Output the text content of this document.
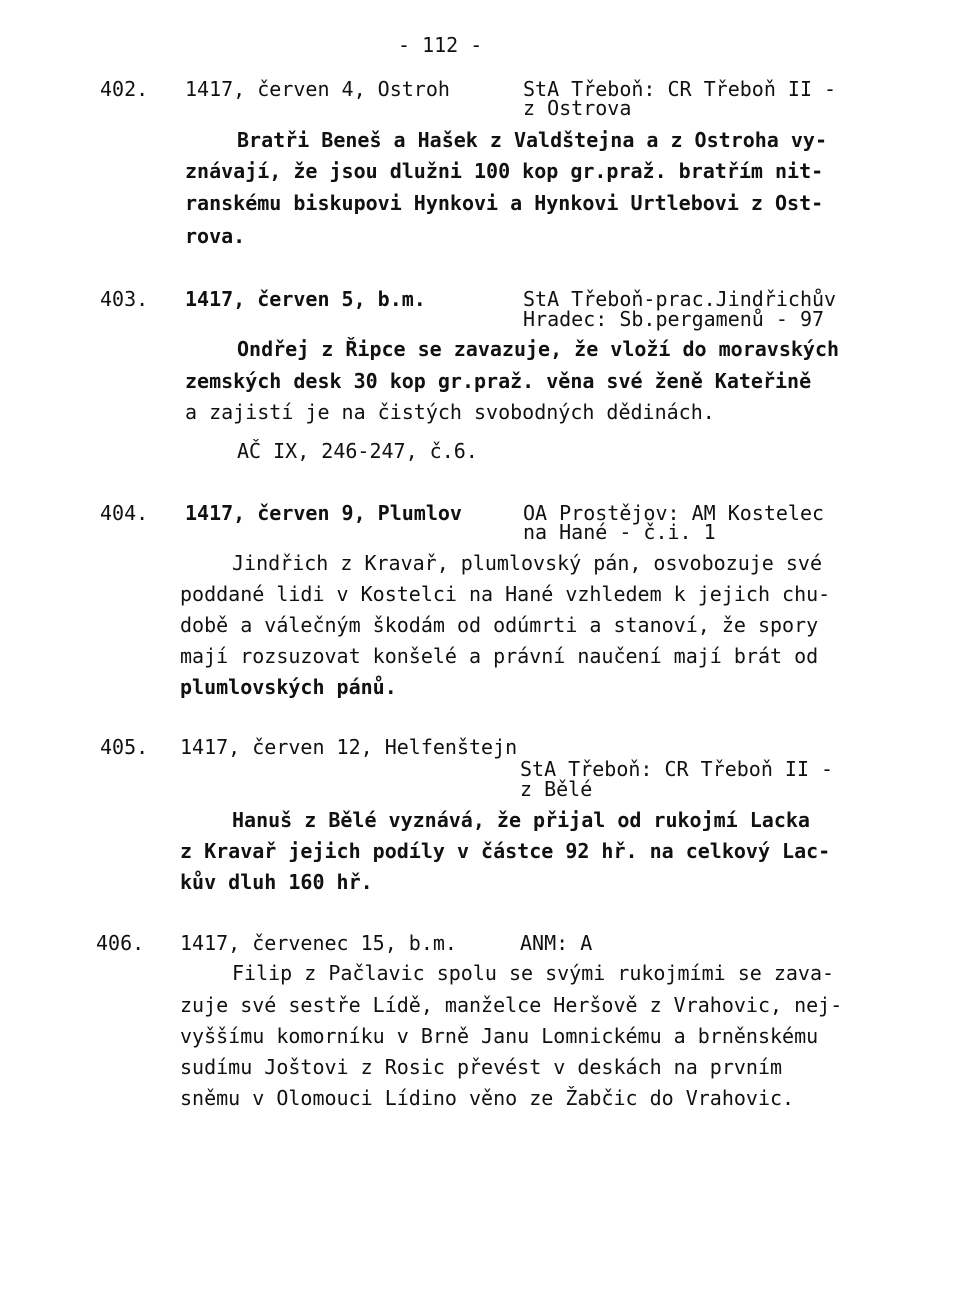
- 112 -
402. 1417, červen 4, Ostroh	StA Třeboň: CR Třeboň II -
z Ostrova
Bratři Beneš a Hašek z Valdštejna a z Ostroha vy-
znávají, že jsou dlužni 100 kop gr.praž. bratřím nit-
ranskému biskupovi Hynkovi a Hynkovi Urtlebovi z Ost-
rova.
403. 1417, červen 5, b.m.	StA Třeboň-prac.Jindřichův
Hradec: Sb.pergamenů - 97
Ondřej z Řipce se zavazuje, že vloží do moravských
zemských desk 30 kop gr.praž. věna své ženě Kateřině
a zajistí je na čistých svobodných dědinách.
AČ IX, 246-247, č.6.
404. 1417, červen 9, Plumlov	OA Prostějov: AM Kostelec
na Hané - č.i. 1
Jindřich z Kravař, plumlovský pán, osvobozuje své
poddané lidi v Kostelci na Hané vzhledem k jejich chu-
době a válečným škodám od odúmrti a stanoví, že spory
mají rozsuzovat konšelé a právní naučení mají brát od
plumlovských pánů.
405. 1417, červen 12, Helfenštejn
StA Třeboň: CR Třeboň II -
z Bělé
Hanuš z Bělé vyznává, že přijal od rukojmí Lacka
z Kravař jejich podíly v částce 92 hř. na celkový Lac-
kův dluh 160 hř.
406. 1417, červenec 15, b.m.	ANM: A
Filip z Pačlavic spolu se svými rukojmími se zava-
zuje své sestře Lídě, manželce Heršově z Vrahovic, nej-
vyššímu komorníku v Brně Janu Lomnickému a brněnskému
sudímu Joštovi z Rosic převést v deskách na prvním
sněmu v Olomouci Lídino věno ze Žabčic do Vrahovic.
